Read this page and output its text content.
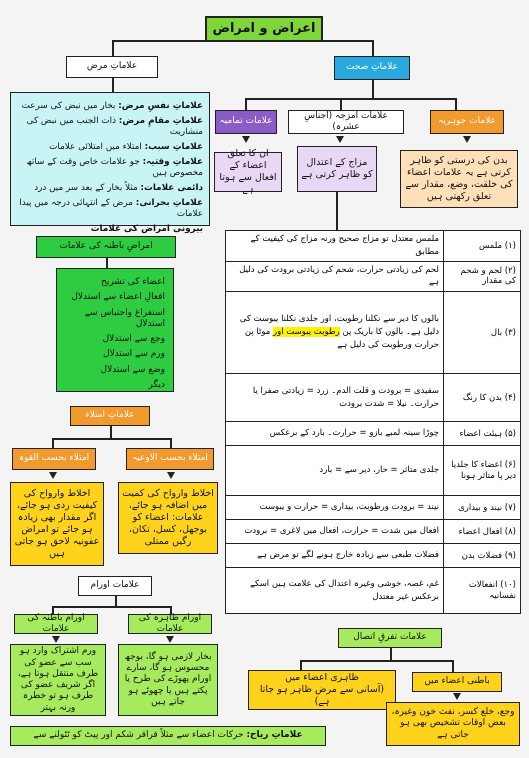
اعراض و امراض
علاماتِ مرض	علاماتِ صحت
علامات جوہریہ
علامات امزجہ (اجناسِ عشرہ)
علامات تمامیہ
بدن کی درستی کو ظاہر کرتی ہے یہ علامات اعضاء کی خلقت، وضع، مقدار سے تعلق رکھتی ہیں
مزاج کے اعتدال کو ظاہر کرتی ہے
ان کا تعلق اعضاء کے افعال سے ہوتا ہے
علاماتِ نفسِ مرض: بخار میں نبض کی سرعت
علاماتِ مقامِ مرض: ذات الجنب میں نبض کی منشاریت
علاماتِ سبب: امتلاء میں امتلائی علامات
علاماتِ وقتیہ: جو علامات خاص وقت کے ساتھ مخصوص ہیں
دائمی علامات: مثلاً بخار کے بعد سر میں درد
علاماتِ بحرانی: مرض کے انتہائی درجہ میں پیدا علامات
بیرونی امراض کی علامات
امراضِ باطنہ کی علامات
اعضاء کی تشریح
افعالِ اعضاء سے استدلال
استفراغ واحتباس سے استدلال
وجع سے استدلال
ورم سے استدلال
وضع سے استدلال
دیگر
علاماتِ امتلاء
امتلاء بحسب القوہ	امتلاء بحسب الاوعیہ
اخلاط وارواح کی کیفیت ردی ہو جائے، اگر مقدار بھی زیادہ ہو جائے تو امراض عفونیہ لاحق ہو جاتی ہیں
اخلاط وارواح کی کمیت میں اضافہ ہو جائے، علامات: اعضاء کو بوجھل، کسل، تکان، رگیں ممتلی
علامات اورام
اورام باطنہ کی علامات
اورام ظاہرہ کی علامات
ورم اشتراک وارد ہو سب سے عضو کی طرف منتقل ہوتا ہے، اگر شریف عضو کی طرف ہو تو خطرہ ورنہ بہتر
بخار لازمی ہو گا، بوجھ محسوس ہو گا، سارے اورام پھوڑے کی طرح یا پکتے ہیں یا چھوٹے ہو جاتے ہیں
علاماتِ ریاح:

حرکات اعضاء سے مثلاً قراقر شکم اور پیٹ کو ٹٹولنے سے
علامات تفرقِ اتصال
ظاہری اعضاء میں
(آسانی سے مرض ظاہر ہو جاتا ہے)
باطنی اعضاء میں
وجع، خلع کسر، نفث خون وغیرہ، بعض اوقات تشخیص بھی ہو جاتی ہے
(۱) ملمس	ملمس معتدل تو مزاج صحیح ورنہ مزاج کی کیفیت کے مطابق
(۲) لحم و شحم کی مقدار	لحم کی زیادتی حرارت، شحم کی زیادتی برودت کی دلیل ہے
(۳) بال	بالوں کا دیر سے نکلنا رطوبت، اور جلدی نکلنا یبوست کی دلیل ہے۔ بالوں کا باریک پن رطوبت یبوست اور موٹا پن حرارت ورطوبت کی دلیل ہے
(۴) بدن کا رنگ	سفیدی = برودت و قلت الدم۔ زرد = زیادتی صفرا یا حرارت۔ نیلا = شدت برودت
(۵) ہیئت اعضاء	چوڑا سینہ لمبے بازو = حرارت۔ بارد کے برعکس
(۶) اعضاء کا جلدیا دیر پا متاثر ہونا	جلدی متاثر = حار، دیر سے = بارد
(۷) نیند و بیداری	نیند = برودت ورطوبت، بیداری = حرارت و یبوست
(۸) افعال اعضاء	افعال میں شدت = حرارت، افعال میں لاغری = برودت
(۹) فضلات بدن	فضلات طبعی سے زیادہ خارج ہونے لگے تو مرض ہے
(۱۰) انفعالات نفسانیہ	غم، غصہ، خوشی وغیرہ اعتدال کی علامت ہیں اسکے برعکس غیر معتدل
